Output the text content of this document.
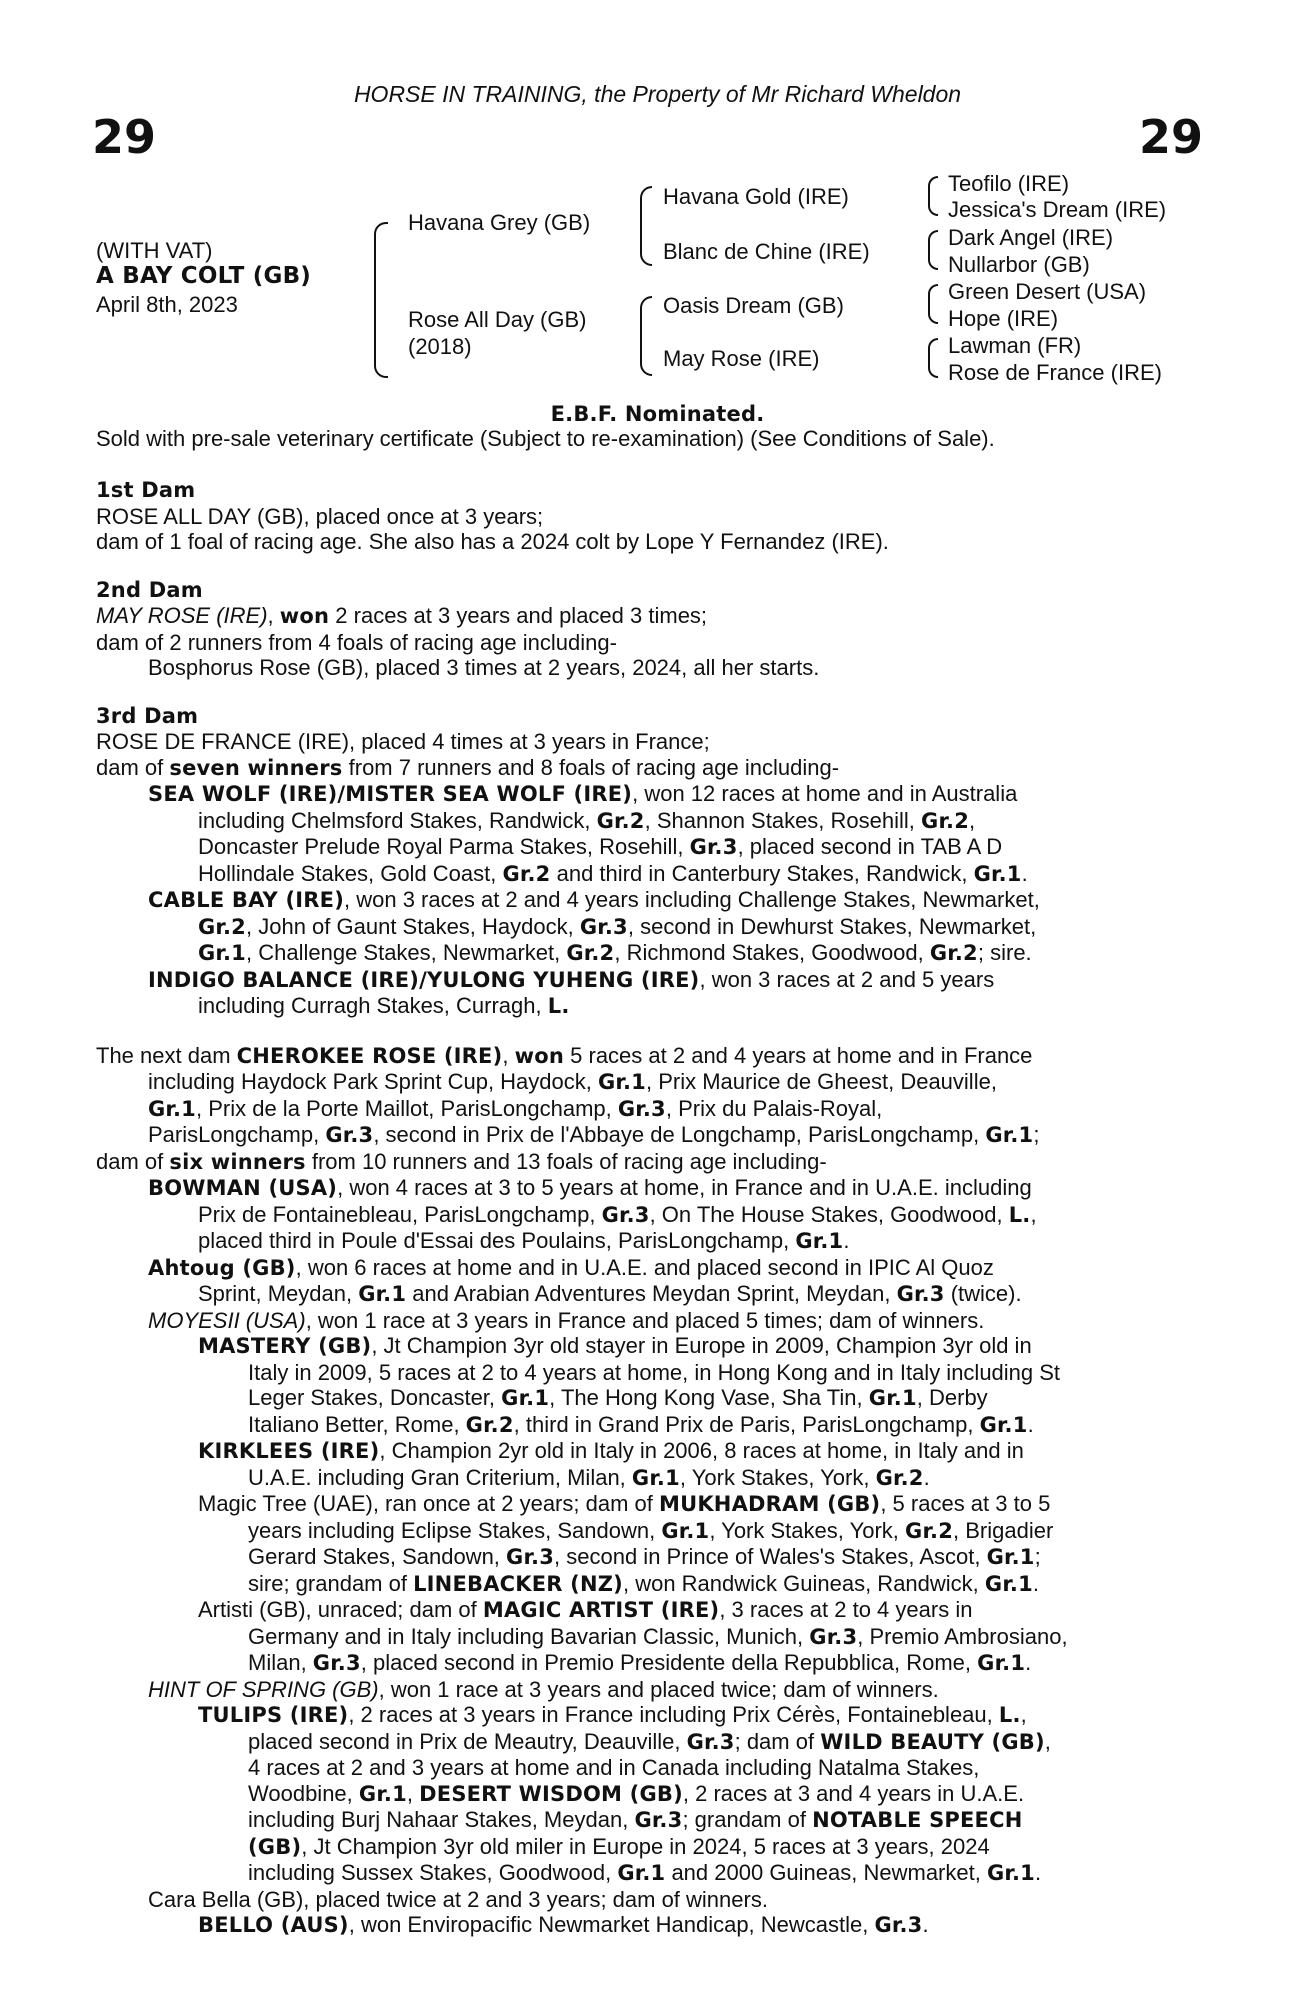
HORSE IN TRAINING, the Property of Mr Richard Wheldon
29	29
(WITH VAT)
A BAY COLT (GB)
April 8th, 2023
Havana Grey (GB)
Rose All Day (GB)
(2018)
Havana Gold (IRE)
Blanc de Chine (IRE)
Oasis Dream (GB)
May Rose (IRE)
Teofilo (IRE)
Jessica's Dream (IRE)
Dark Angel (IRE)
Nullarbor (GB)
Green Desert (USA)
Hope (IRE)
Lawman (FR)
Rose de France (IRE)
E.B.F. Nominated.
Sold with pre-sale veterinary certificate (Subject to re-examination) (See Conditions of Sale).
1st Dam
ROSE ALL DAY (GB), placed once at 3 years;
dam of 1 foal of racing age. She also has a 2024 colt by Lope Y Fernandez (IRE).
2nd Dam
MAY ROSE (IRE), won 2 races at 3 years and placed 3 times;
dam of 2 runners from 4 foals of racing age including-
Bosphorus Rose (GB), placed 3 times at 2 years, 2024, all her starts.
3rd Dam
ROSE DE FRANCE (IRE), placed 4 times at 3 years in France;
dam of seven winners from 7 runners and 8 foals of racing age including-
SEA WOLF (IRE)/MISTER SEA WOLF (IRE), won 12 races at home and in Australia
including Chelmsford Stakes, Randwick, Gr.2, Shannon Stakes, Rosehill, Gr.2,
Doncaster Prelude Royal Parma Stakes, Rosehill, Gr.3, placed second in TAB A D
Hollindale Stakes, Gold Coast, Gr.2 and third in Canterbury Stakes, Randwick, Gr.1.
CABLE BAY (IRE), won 3 races at 2 and 4 years including Challenge Stakes, Newmarket,
Gr.2, John of Gaunt Stakes, Haydock, Gr.3, second in Dewhurst Stakes, Newmarket,
Gr.1, Challenge Stakes, Newmarket, Gr.2, Richmond Stakes, Goodwood, Gr.2; sire.
INDIGO BALANCE (IRE)/YULONG YUHENG (IRE), won 3 races at 2 and 5 years
including Curragh Stakes, Curragh, L.
The next dam CHEROKEE ROSE (IRE), won 5 races at 2 and 4 years at home and in France
including Haydock Park Sprint Cup, Haydock, Gr.1, Prix Maurice de Gheest, Deauville,
Gr.1, Prix de la Porte Maillot, ParisLongchamp, Gr.3, Prix du Palais-Royal,
ParisLongchamp, Gr.3, second in Prix de l'Abbaye de Longchamp, ParisLongchamp, Gr.1;
dam of six winners from 10 runners and 13 foals of racing age including-
BOWMAN (USA), won 4 races at 3 to 5 years at home, in France and in U.A.E. including
Prix de Fontainebleau, ParisLongchamp, Gr.3, On The House Stakes, Goodwood, L.,
placed third in Poule d'Essai des Poulains, ParisLongchamp, Gr.1.
Ahtoug (GB), won 6 races at home and in U.A.E. and placed second in IPIC Al Quoz
Sprint, Meydan, Gr.1 and Arabian Adventures Meydan Sprint, Meydan, Gr.3 (twice).
MOYESII (USA), won 1 race at 3 years in France and placed 5 times; dam of winners.
MASTERY (GB), Jt Champion 3yr old stayer in Europe in 2009, Champion 3yr old in
Italy in 2009, 5 races at 2 to 4 years at home, in Hong Kong and in Italy including St
Leger Stakes, Doncaster, Gr.1, The Hong Kong Vase, Sha Tin, Gr.1, Derby
Italiano Better, Rome, Gr.2, third in Grand Prix de Paris, ParisLongchamp, Gr.1.
KIRKLEES (IRE), Champion 2yr old in Italy in 2006, 8 races at home, in Italy and in
U.A.E. including Gran Criterium, Milan, Gr.1, York Stakes, York, Gr.2.
Magic Tree (UAE), ran once at 2 years; dam of MUKHADRAM (GB), 5 races at 3 to 5
years including Eclipse Stakes, Sandown, Gr.1, York Stakes, York, Gr.2, Brigadier
Gerard Stakes, Sandown, Gr.3, second in Prince of Wales's Stakes, Ascot, Gr.1;
sire; grandam of LINEBACKER (NZ), won Randwick Guineas, Randwick, Gr.1.
Artisti (GB), unraced; dam of MAGIC ARTIST (IRE), 3 races at 2 to 4 years in
Germany and in Italy including Bavarian Classic, Munich, Gr.3, Premio Ambrosiano,
Milan, Gr.3, placed second in Premio Presidente della Repubblica, Rome, Gr.1.
HINT OF SPRING (GB), won 1 race at 3 years and placed twice; dam of winners.
TULIPS (IRE), 2 races at 3 years in France including Prix Cérès, Fontainebleau, L.,
placed second in Prix de Meautry, Deauville, Gr.3; dam of WILD BEAUTY (GB),
4 races at 2 and 3 years at home and in Canada including Natalma Stakes,
Woodbine, Gr.1, DESERT WISDOM (GB), 2 races at 3 and 4 years in U.A.E.
including Burj Nahaar Stakes, Meydan, Gr.3; grandam of NOTABLE SPEECH
(GB), Jt Champion 3yr old miler in Europe in 2024, 5 races at 3 years, 2024
including Sussex Stakes, Goodwood, Gr.1 and 2000 Guineas, Newmarket, Gr.1.
Cara Bella (GB), placed twice at 2 and 3 years; dam of winners.
BELLO (AUS), won Enviropacific Newmarket Handicap, Newcastle, Gr.3.
